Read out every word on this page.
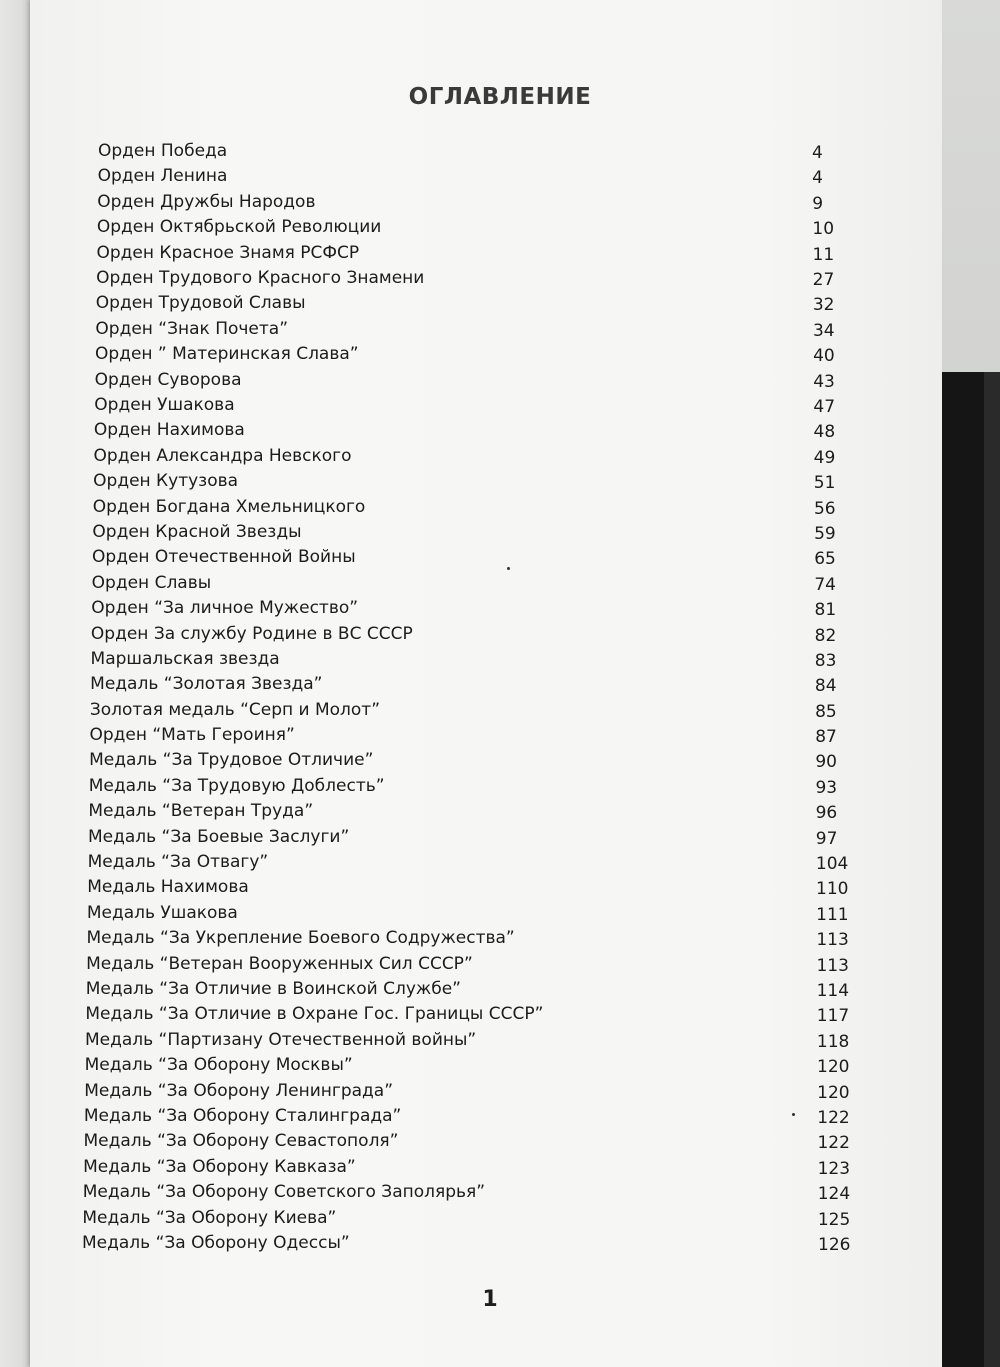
ОГЛАВЛЕНИЕ
Орден Победа	4
Орден Ленина	4
Орден Дружбы Народов	9
Орден Октябрьской Революции	10
Орден Красное Знамя РСФСР	11
Орден Трудового Красного Знамени	27
Орден Трудовой Славы	32
Орден “Знак Почета”	34
Орден ” Материнская Слава”	40
Орден Суворова	43
Орден Ушакова	47
Орден Нахимова	48
Орден Александра Невского	49
Орден Кутузова	51
Орден Богдана Хмельницкого	56
Орден Красной Звезды	59
Орден Отечественной Войны	65
Орден Славы	74
Орден “За личное Мужество”	81
Орден За службу Родине в ВС СССР	82
Маршальская звезда	83
Медаль “Золотая Звезда”	84
Золотая медаль “Серп и Молот”	85
Орден “Мать Героиня”	87
Медаль “За Трудовое Отличие”	90
Медаль “За Трудовую Доблесть”	93
Медаль “Ветеран Труда”	96
Медаль “За Боевые Заслуги”	97
Медаль “За Отвагу”	104
Медаль Нахимова	110
Медаль Ушакова	111
Медаль “За Укрепление Боевого Содружества”	113
Медаль “Ветеран Вооруженных Сил СССР”	113
Медаль “За Отличие в Воинской Службе”	114
Медаль “За Отличие в Охране Гос. Границы СССР”	117
Медаль “Партизану Отечественной войны”	118
Медаль “За Оборону Москвы”	120
Медаль “За Оборону Ленинграда”	120
Медаль “За Оборону Сталинграда”	122
Медаль “За Оборону Севастополя”	122
Медаль “За Оборону Кавказа”	123
Медаль “За Оборону Советского Заполярья”	124
Медаль “За Оборону Киева”	125
Медаль “За Оборону Одессы”	126
1
